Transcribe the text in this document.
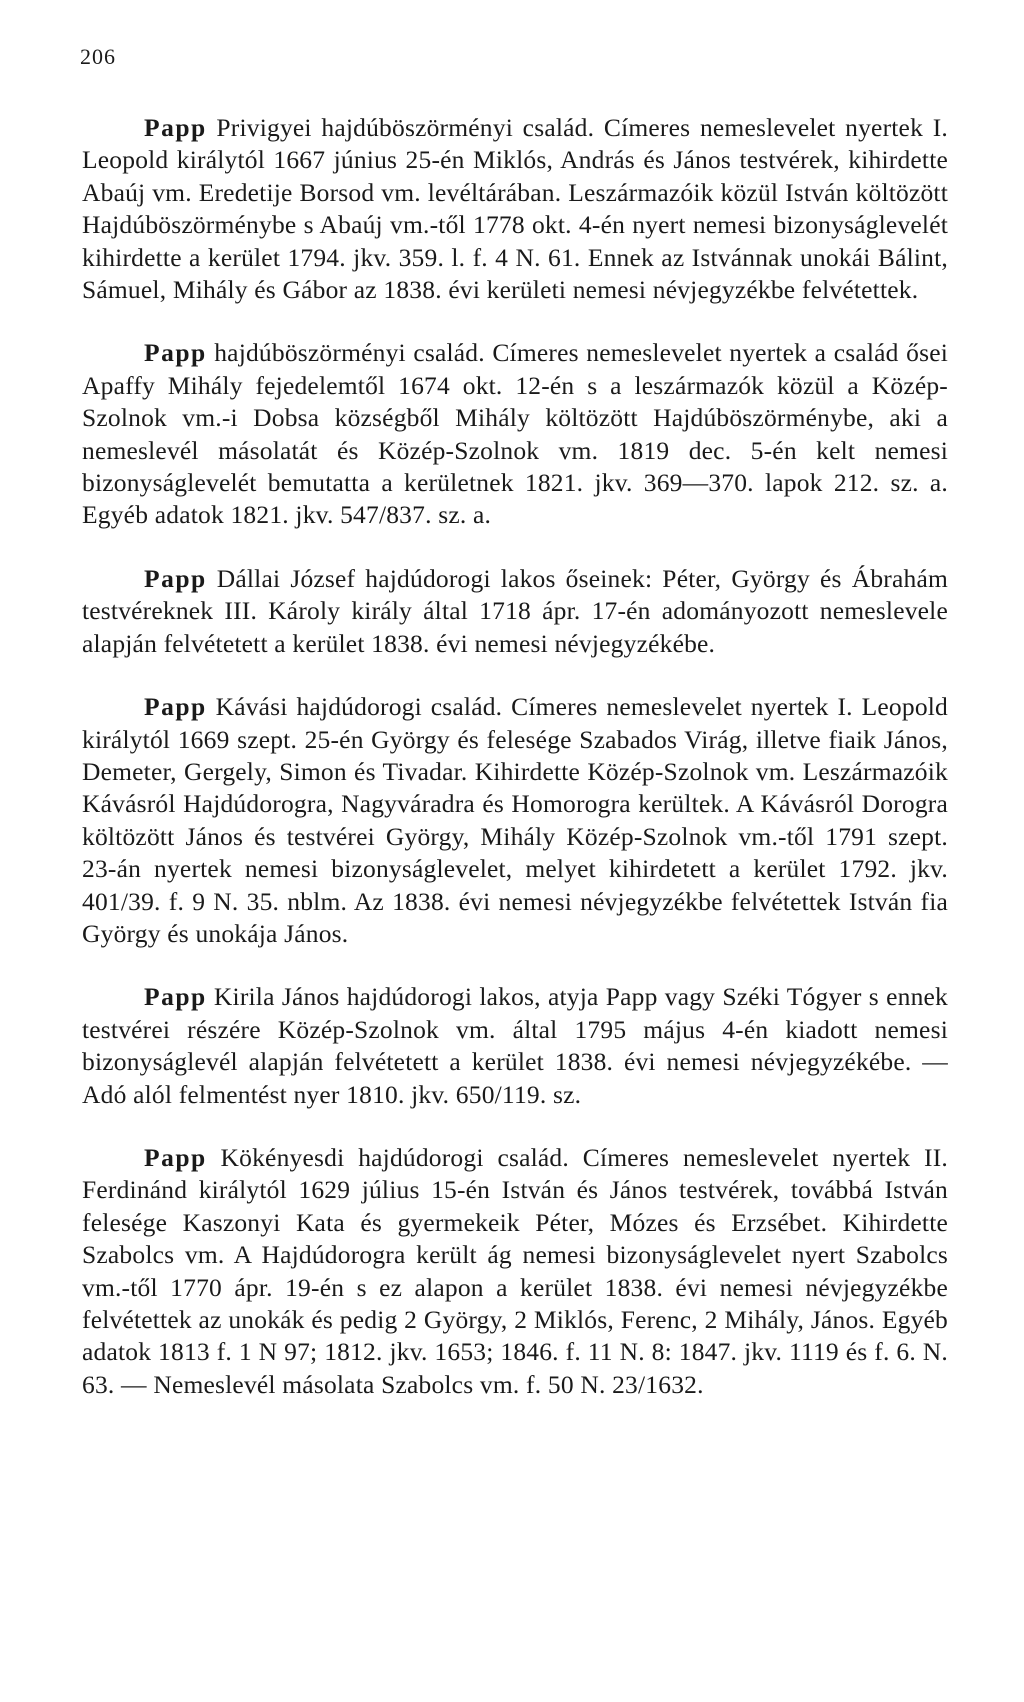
206

Papp Privigyei hajdúböszörményi család. Címeres nemeslevelet nyertek I. Leopold királytól 1667 június 25-én Miklós, András és János testvérek, kihirdette Abaúj vm. Eredetije Borsod vm. levéltárában. Leszármazóik közül István költözött Hajdúböszörménybe s Abaúj vm.-től 1778 okt. 4-én nyert nemesi bizonyságlevelét kihirdette a kerület 1794. jkv. 359. l. f. 4 N. 61. Ennek az Istvánnak unokái Bálint, Sámuel, Mihály és Gábor az 1838. évi kerületi nemesi névjegyzékbe felvétettek.

Papp hajdúböszörményi család. Címeres nemeslevelet nyertek a család ősei Apaffy Mihály fejedelemtől 1674 okt. 12-én s a leszármazók közül a Közép-Szolnok vm.-i Dobsa községből Mihály költözött Hajdúböszörménybe, aki a nemeslevél másolatát és Közép-Szolnok vm. 1819 dec. 5-én kelt nemesi bizonyságlevelét bemutatta a kerületnek 1821. jkv. 369—370. lapok 212. sz. a. Egyéb adatok 1821. jkv. 547/837. sz. a.

Papp Dállai József hajdúdorogi lakos őseinek: Péter, György és Ábrahám testvéreknek III. Károly király által 1718 ápr. 17-én adományozott nemeslevele alapján felvétetett a kerület 1838. évi nemesi névjegyzékébe.

Papp Kávási hajdúdorogi család. Címeres nemeslevelet nyertek I. Leopold királytól 1669 szept. 25-én György és felesége Szabados Virág, illetve fiaik János, Demeter, Gergely, Simon és Tivadar. Kihirdette Közép-Szolnok vm. Leszármazóik Kávásról Hajdúdorogra, Nagyváradra és Homorogra kerültek. A Kávásról Dorogra költözött János és testvérei György, Mihály Közép-Szolnok vm.-től 1791 szept. 23-án nyertek nemesi bizonyságlevelet, melyet kihirdetett a kerület 1792. jkv. 401/39. f. 9 N. 35. nblm. Az 1838. évi nemesi névjegyzékbe felvétettek István fia György és unokája János.

Papp Kirila János hajdúdorogi lakos, atyja Papp vagy Széki Tógyer s ennek testvérei részére Közép-Szolnok vm. által 1795 május 4-én kiadott nemesi bizonyságlevél alapján felvétetett a kerület 1838. évi nemesi névjegyzékébe. — Adó alól felmentést nyer 1810. jkv. 650/119. sz.

Papp Kökényesdi hajdúdorogi család. Címeres nemeslevelet nyertek II. Ferdinánd királytól 1629 július 15-én István és János testvérek, továbbá István felesége Kaszonyi Kata és gyermekeik Péter, Mózes és Erzsébet. Kihirdette Szabolcs vm. A Hajdúdorogra került ág nemesi bizonyságlevelet nyert Szabolcs vm.-től 1770 ápr. 19-én s ez alapon a kerület 1838. évi nemesi névjegyzékbe felvétettek az unokák és pedig 2 György, 2 Miklós, Ferenc, 2 Mihály, János. Egyéb adatok 1813 f. 1 N 97; 1812. jkv. 1653; 1846. f. 11 N. 8: 1847. jkv. 1119 és f. 6. N. 63. — Nemeslevél másolata Szabolcs vm. f. 50 N. 23/1632.
